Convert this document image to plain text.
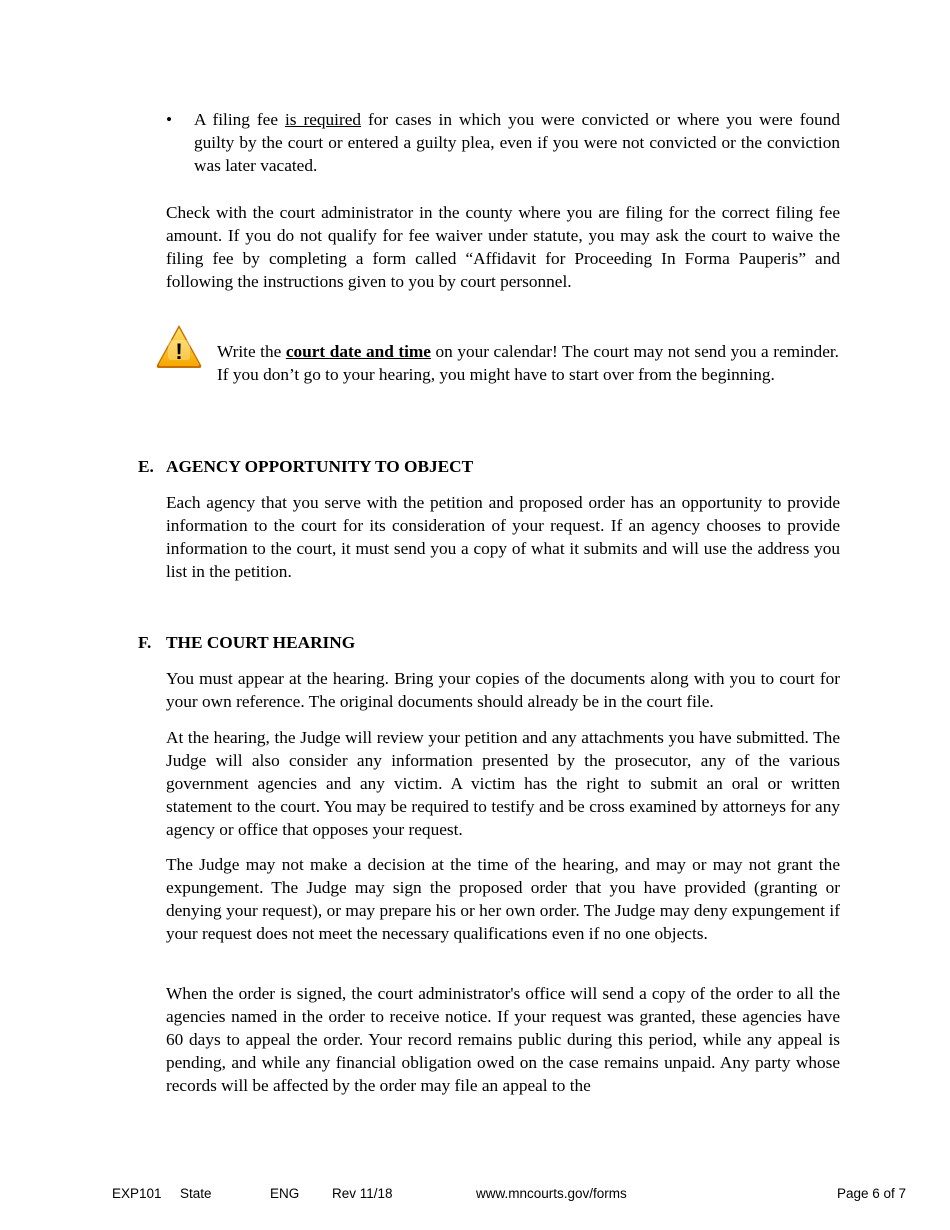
•	A filing fee is required for cases in which you were convicted or where you were found guilty by the court or entered a guilty plea, even if you were not convicted or the conviction was later vacated.
Check with the court administrator in the county where you are filing for the correct filing fee amount. If you do not qualify for fee waiver under statute, you may ask the court to waive the filing fee by completing a form called “Affidavit for Proceeding In Forma Pauperis” and following the instructions given to you by court personnel.
! Write the court date and time on your calendar! The court may not send you a reminder. If you don’t go to your hearing, you might have to start over from the beginning.
E. AGENCY OPPORTUNITY TO OBJECT
Each agency that you serve with the petition and proposed order has an opportunity to provide information to the court for its consideration of your request. If an agency chooses to provide information to the court, it must send you a copy of what it submits and will use the address you list in the petition.
F. THE COURT HEARING
You must appear at the hearing. Bring your copies of the documents along with you to court for your own reference. The original documents should already be in the court file.
At the hearing, the Judge will review your petition and any attachments you have submitted. The Judge will also consider any information presented by the prosecutor, any of the various government agencies and any victim. A victim has the right to submit an oral or written statement to the court. You may be required to testify and be cross examined by attorneys for any agency or office that opposes your request.
The Judge may not make a decision at the time of the hearing, and may or may not grant the expungement. The Judge may sign the proposed order that you have provided (granting or denying your request), or may prepare his or her own order. The Judge may deny expungement if your request does not meet the necessary qualifications even if no one objects.
When the order is signed, the court administrator's office will send a copy of the order to all the agencies named in the order to receive notice. If your request was granted, these agencies have 60 days to appeal the order. Your record remains public during this period, while any appeal is pending, and while any financial obligation owed on the case remains unpaid. Any party whose records will be affected by the order may file an appeal to the
EXP101 State	ENG Rev 11/18	www.mncourts.gov/forms	Page 6 of 7
